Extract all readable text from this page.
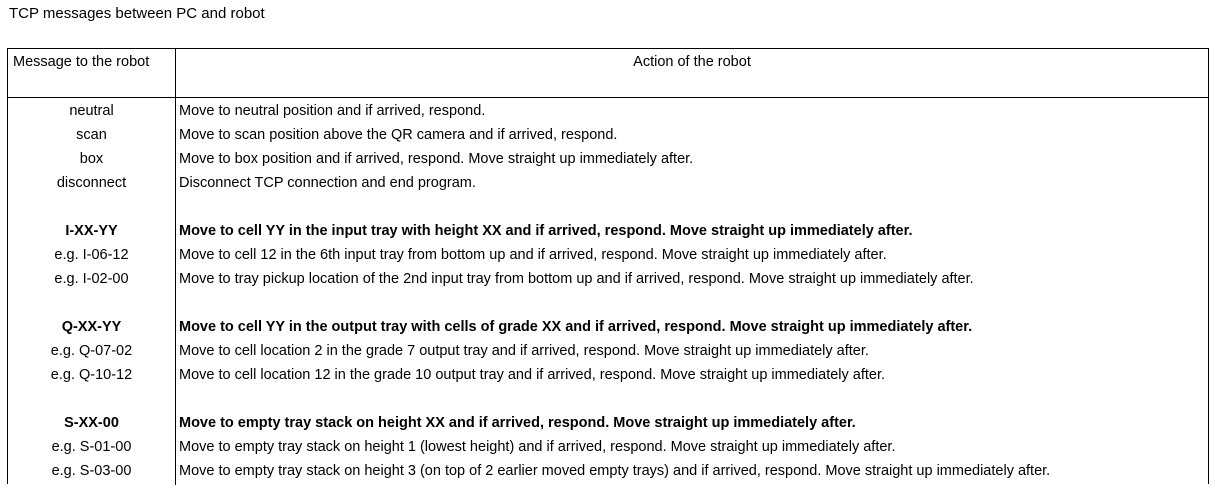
TCP messages between PC and robot
Message to the robot	Action of the robot
neutral	Move to neutral position and if arrived, respond.
scan	Move to scan position above the QR camera and if arrived, respond.
box	Move to box position and if arrived, respond. Move straight up immediately after.
disconnect	Disconnect TCP connection and end program.
I-XX-YY	Move to cell YY in the input tray with height XX and if arrived, respond. Move straight up immediately after.
e.g. I-06-12	Move to cell 12 in the 6th input tray from bottom up and if arrived, respond. Move straight up immediately after.
e.g. I-02-00	Move to tray pickup location of the 2nd input tray from bottom up and if arrived, respond. Move straight up immediately after.
Q-XX-YY	Move to cell YY in the output tray with cells of grade XX and if arrived, respond. Move straight up immediately after.
e.g. Q-07-02	Move to cell location 2 in the grade 7 output tray and if arrived, respond. Move straight up immediately after.
e.g. Q-10-12	Move to cell location 12 in the grade 10 output tray and if arrived, respond. Move straight up immediately after.
S-XX-00	Move to empty tray stack on height XX and if arrived, respond. Move straight up immediately after.
e.g. S-01-00	Move to empty tray stack on height 1 (lowest height) and if arrived, respond. Move straight up immediately after.
e.g. S-03-00	Move to empty tray stack on height 3 (on top of 2 earlier moved empty trays) and if arrived, respond. Move straight up immediately after.
